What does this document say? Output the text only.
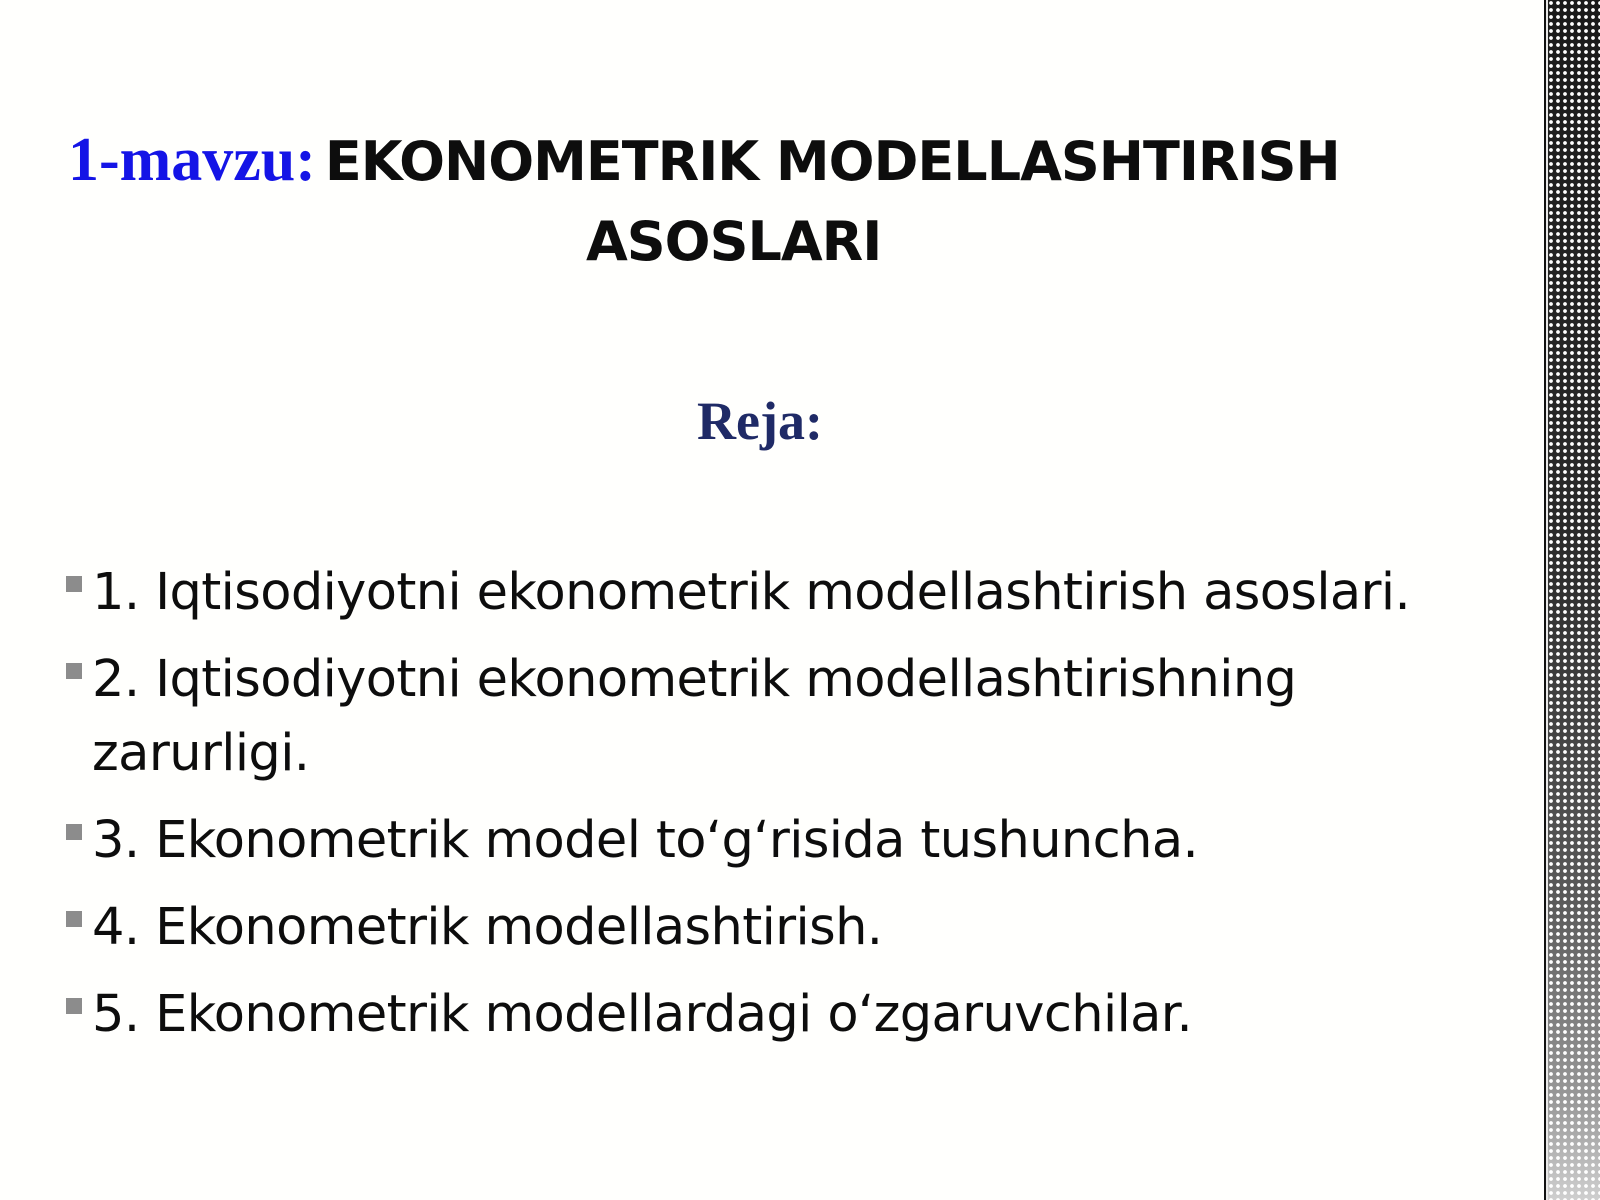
1-mavzu: EKONOMETRIK MODELLASHTIRISH
ASOSLARI
Reja:
1. Iqtisodiyotni ekonometrik modellashtirish asoslari.
2. Iqtisodiyotni ekonometrik modellashtirishning zarurligi.
3. Ekonometrik model to‘g‘risida tushuncha.
4. Ekonometrik modellashtirish.
5. Ekonometrik modellardagi o‘zgaruvchilar.
